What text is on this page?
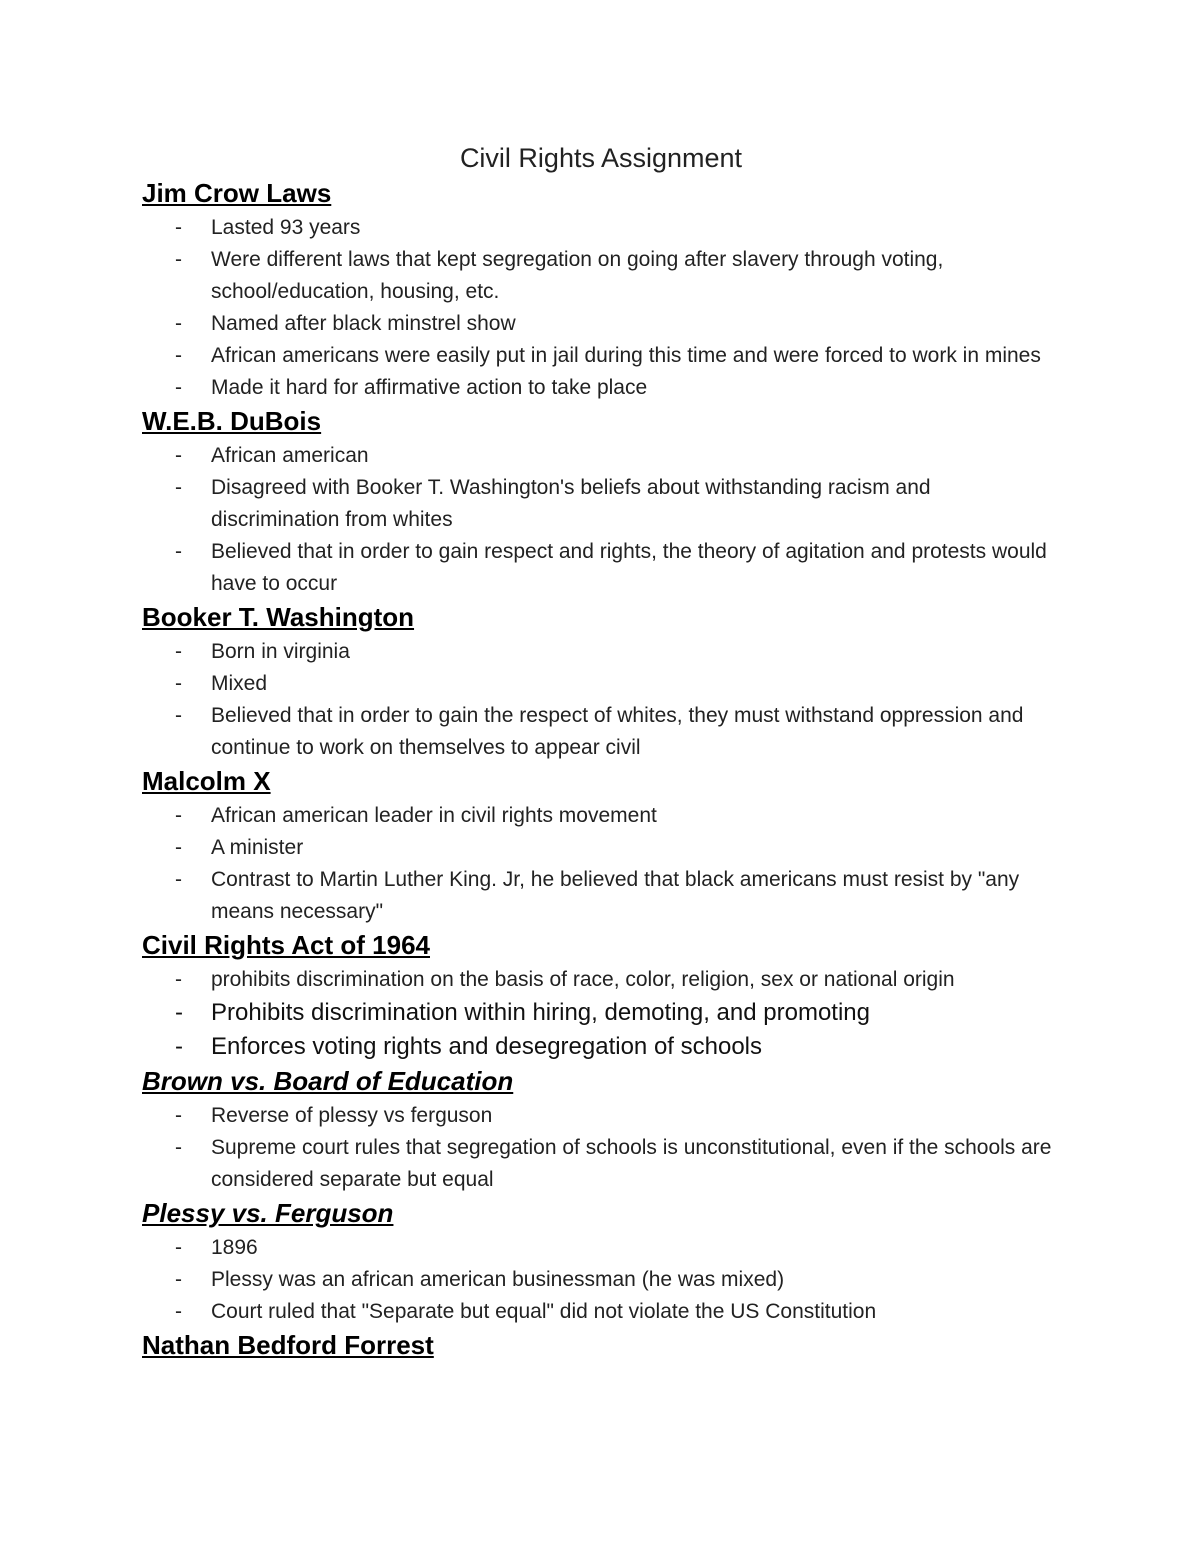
Civil Rights Assignment
Jim Crow Laws
- Lasted 93 years
- Were different laws that kept segregation on going after slavery through voting, school/education, housing, etc.
- Named after black minstrel show
- African americans were easily put in jail during this time and were forced to work in mines
- Made it hard for affirmative action to take place
W.E.B. DuBois
- African american
- Disagreed with Booker T. Washington's beliefs about withstanding racism and discrimination from whites
- Believed that in order to gain respect and rights, the theory of agitation and protests would have to occur
Booker T. Washington
- Born in virginia
- Mixed
- Believed that in order to gain the respect of whites, they must withstand oppression and continue to work on themselves to appear civil
Malcolm X
- African american leader in civil rights movement
- A minister
- Contrast to Martin Luther King. Jr, he believed that black americans must resist by "any means necessary"
Civil Rights Act of 1964
- prohibits discrimination on the basis of race, color, religion, sex or national origin
- Prohibits discrimination within hiring, demoting, and promoting
- Enforces voting rights and desegregation of schools
Brown vs. Board of Education
- Reverse of plessy vs ferguson
- Supreme court rules that segregation of schools is unconstitutional, even if the schools are considered separate but equal
Plessy vs. Ferguson
- 1896
- Plessy was an african american businessman (he was mixed)
- Court ruled that "Separate but equal" did not violate the US Constitution
Nathan Bedford Forrest
